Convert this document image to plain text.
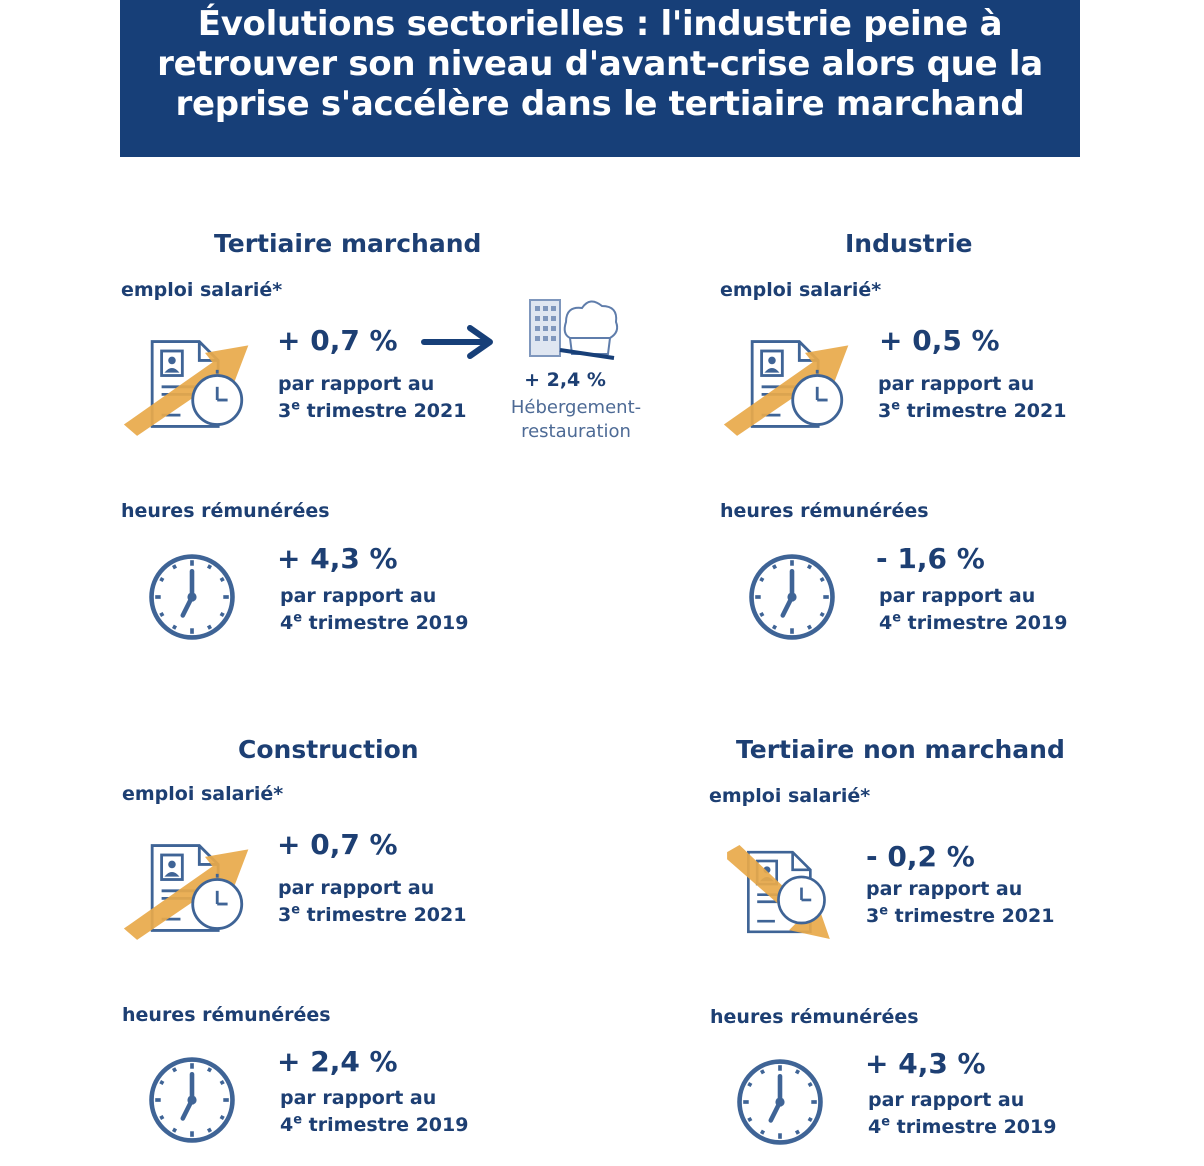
Évolutions sectorielles : l'industrie peine à
retrouver son niveau d'avant-crise alors que la
reprise s'accélère dans le tertiaire marchand
Tertiaire marchand
emploi salarié*
+ 0,7 %
par rapport au
3e trimestre 2021
+ 2,4 %
Hébergement-
restauration
heures rémunérées
+ 4,3 %
par rapport au
4e trimestre 2019
Industrie
emploi salarié*
+ 0,5 %
par rapport au
3e trimestre 2021
heures rémunérées
- 1,6 %
par rapport au
4e trimestre 2019
Construction
emploi salarié*
+ 0,7 %
par rapport au
3e trimestre 2021
heures rémunérées
+ 2,4 %
par rapport au
4e trimestre 2019
Tertiaire non marchand
emploi salarié*
- 0,2 %
par rapport au
3e trimestre 2021
heures rémunérées
+ 4,3 %
par rapport au
4e trimestre 2019
